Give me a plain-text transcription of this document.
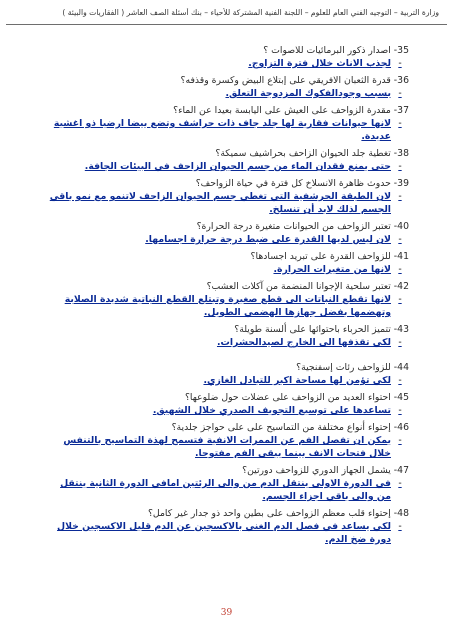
وزارة التربية – التوجيه الفني العام للعلوم – اللجنة الفنية المشتركة للأحياء – بنك أسئلة الصف العاشر ( الفقاريات والبيئة )

35- اصدار ذكور البرمائيات للاصوات ؟

-
لجذب الاناث خلال فترة التزاوج.

36- قدرة الثعبان الافريقي على إبتلاع البيض وكسرة وقذفه؟

-
بسبب وجودالفكوك المزدوجة التعلق.

37- مقدرة الزواحف على العيش على اليابسة بعيدا عن الماء؟

-
لانها حيوانات فقارية لها جلد جاف ذات حراشف وتضع بيضا ارضيا ذو اغشية عديدة.

38- تغطية جلد الحيوان الزاحف بحراشيف سميكة؟

-
حتى يمنع فقدان الماء من جسم الحيوان الزاحف في البيئات الجافة.

39- حدوث ظاهرة الانسلاخ كل فترة في حياة الزواحف؟

-
لان الطبقة الحرشفية التي تغطي جسم الحيوان الزاحف لاتنمو مع نمو باقي الجسم لذلك لابد أن تنسلخ.

40- تعتبر الزواحف من الحيوانات متغيرة درجة الحرارة؟

-
لان ليس لديها القدرة على ضبط درجة حرارة اجسامها.

41- للزواحف القدرة على تبريد اجسادها؟

-
لانها من متغيرات الحرارة.

42- تعتبر سلحية الإجوانا المنضمة من آكلات العشب؟

-
لانها تقطع النباتات الى قطع صغيرة وتبتلع القطع النباتية شديدة الصلابة وتهضمها بفضل جهازها الهضمي الطويل.

43- تتميز الحرباء باحتوائها على ألسنة طويلة؟

-
لكي تقذفها الى الخارج لصيدالحشرات.

44- للزواحف رئات إسفنجية؟

-
لكي تؤمن لها مساحة اكبر للتبادل الغازي.

45- احتواء العديد من الزواحف على عضلات حول ضلوعها؟

-
تساعدها على توسيع التجويف الصدري خلال الشهيق.

46- إحتواء أنواع مختلفة من التماسيح على على حواجز جلدية؟

-
يمكن ان تفصل الفم عن الممرات الانفية فتسمح لهذة التماسيح بالتنفس خلال فتحات الانف بينما يبقى الفم مفتوحا.

47- يشمل الجهاز الدوري للزواحف دورتين؟

-
في الدورة الاولى ينتقل الدم من والى الرئتين امافي الدورة الثانية ينتقل من والى باقي اجزاء الجسم.

48- إحتواء قلب معظم الزواحف على بطين واحد ذو جدار غير كامل؟

-
لكي يساعد في فصل الدم الغني بالاكسجين عن الدم قليل الاكسجين خلال دورة ضخ الدم.
39
